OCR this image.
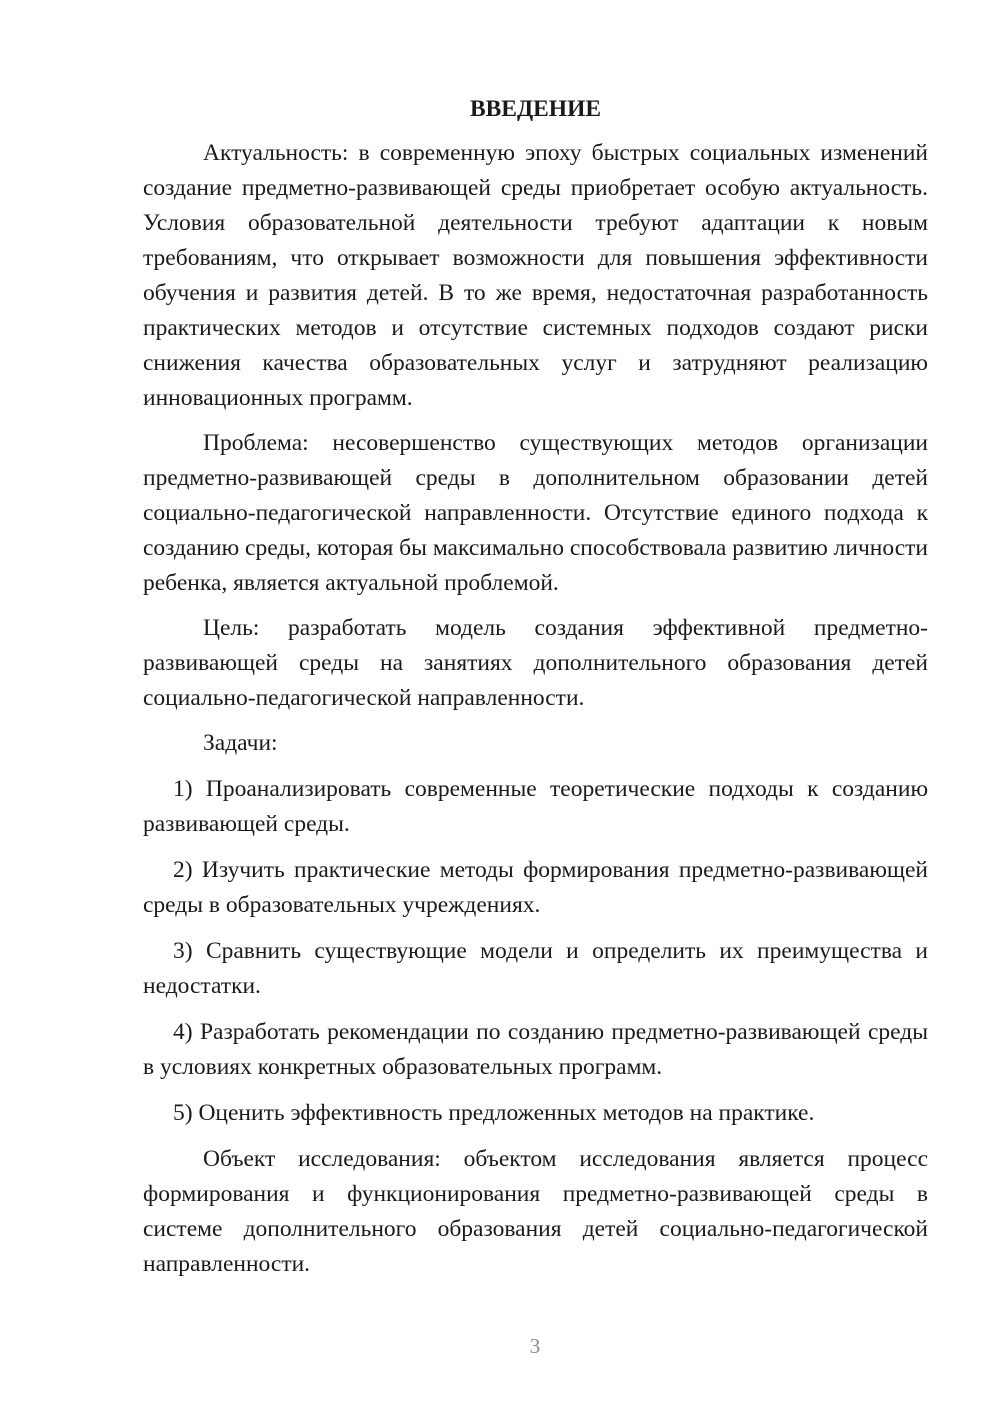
ВВЕДЕНИЕ

Актуальность: в современную эпоху быстрых социальных изменений создание предметно-развивающей среды приобретает особую актуальность. Условия образовательной деятельности требуют адаптации к новым требованиям, что открывает возможности для повышения эффективности обучения и развития детей. В то же время, недостаточная разработанность практических методов и отсутствие системных подходов создают риски снижения качества образовательных услуг и затрудняют реализацию инновационных программ.

Проблема: несовершенство существующих методов организации предметно-развивающей среды в дополнительном образовании детей социально-педагогической направленности. Отсутствие единого подхода к созданию среды, которая бы максимально способствовала развитию личности ребенка, является актуальной проблемой.

Цель: разработать модель создания эффективной предметно-развивающей среды на занятиях дополнительного образования детей социально-педагогической направленности.

Задачи:

1) Проанализировать современные теоретические подходы к созданию развивающей среды.

2) Изучить практические методы формирования предметно-развивающей среды в образовательных учреждениях.

3) Сравнить существующие модели и определить их преимущества и недостатки.

4) Разработать рекомендации по созданию предметно-развивающей среды в условиях конкретных образовательных программ.

5) Оценить эффективность предложенных методов на практике.

Объект исследования: объектом исследования является процесс формирования и функционирования предметно-развивающей среды в системе дополнительного образования детей социально-педагогической направленности.

3
